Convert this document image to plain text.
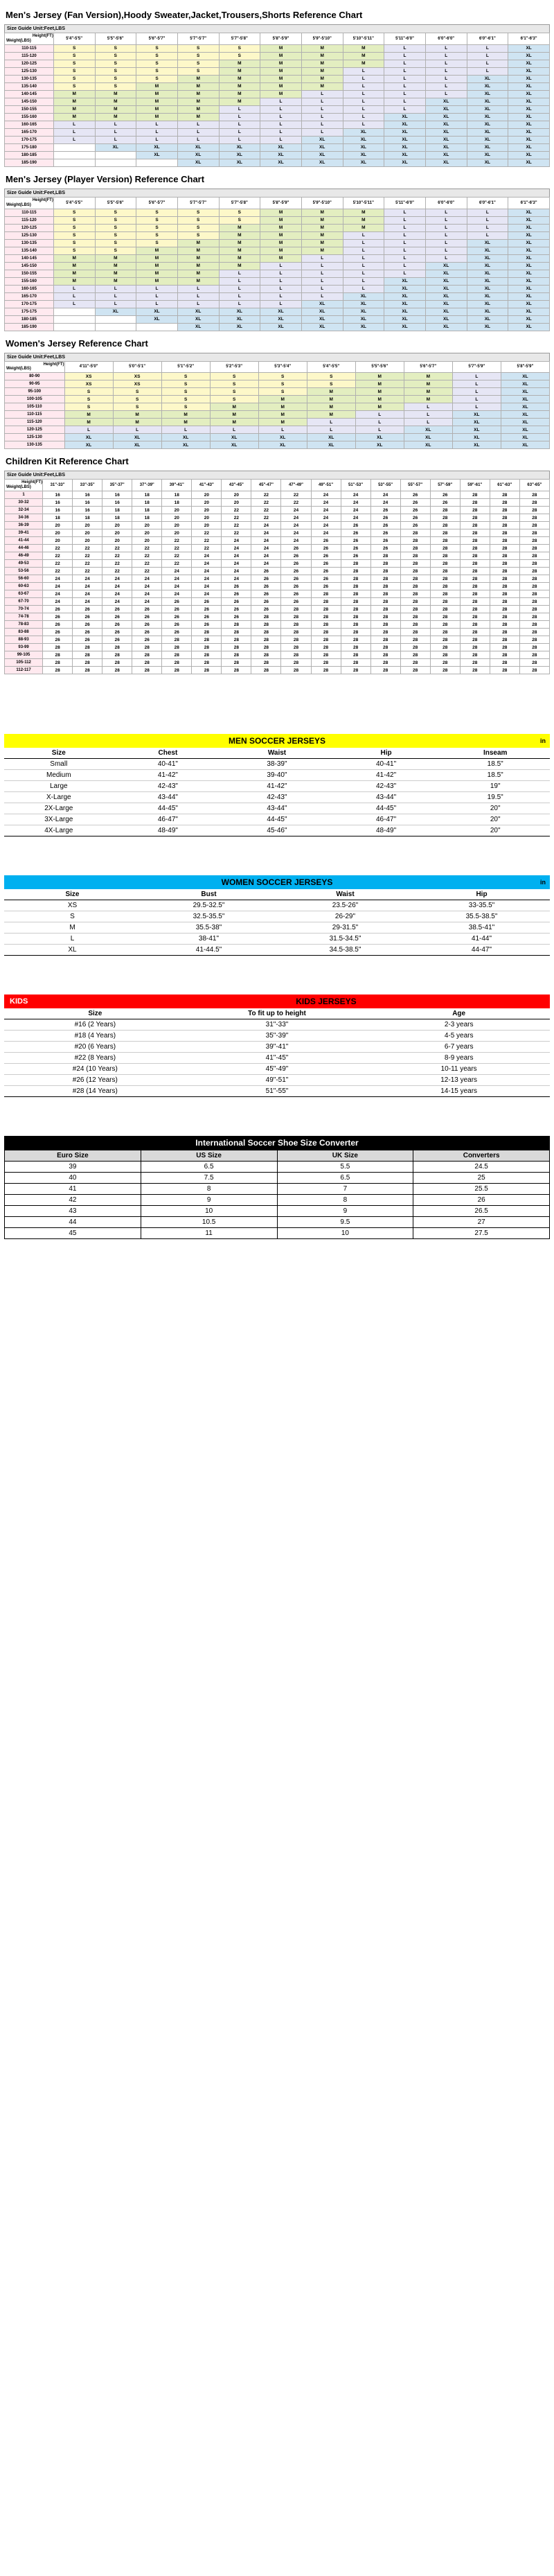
Men's Jersey (Fan Version),Hoody Sweater,Jacket,Trousers,Shorts Reference Chart
Size Guide Unit:Feet,LBS
Height(FT)
Weight(LBS)	5'4"-5'5"	5'5"-5'6"	5'6"-5'7"	5'7"-5'7"	5'7"-5'8"	5'8"-5'9"	5'9"-5'10"	5'10"-5'11"	5'11"-6'0"	6'0"-6'0"	6'0"-6'1"	6'1"-6'3"
110-115	S	S	S	S	S	M	M	M	L	L	L	XL
115-120	S	S	S	S	S	M	M	M	L	L	L	XL
120-125	S	S	S	S	M	M	M	M	L	L	L	XL
125-130	S	S	S	S	M	M	M	L	L	L	L	XL
130-135	S	S	S	M	M	M	M	L	L	L	XL	XL
135-140	S	S	M	M	M	M	M	L	L	L	XL	XL
140-145	M	M	M	M	M	M	L	L	L	L	XL	XL
145-150	M	M	M	M	M	L	L	L	L	XL	XL	XL
150-155	M	M	M	M	L	L	L	L	L	XL	XL	XL
155-160	M	M	M	M	L	L	L	L	XL	XL	XL	XL
160-165	L	L	L	L	L	L	L	L	XL	XL	XL	XL
165-170	L	L	L	L	L	L	L	XL	XL	XL	XL	XL
170-175	L	L	L	L	L	L	XL	XL	XL	XL	XL	XL
175-180		XL	XL	XL	XL	XL	XL	XL	XL	XL	XL	XL
180-185			XL	XL	XL	XL	XL	XL	XL	XL	XL	XL
185-190				XL	XL	XL	XL	XL	XL	XL	XL	XL
Men's Jersey (Player Version) Reference Chart
Size Guide Unit:Feet,LBS
Height(FT)
Weight(LBS)	5'4"-5'5"	5'5"-5'6"	5'6"-5'7"	5'7"-5'7"	5'7"-5'8"	5'8"-5'9"	5'9"-5'10"	5'10"-5'11"	5'11"-6'0"	6'0"-6'0"	6'0"-6'1"	6'1"-6'3"
110-115	S	S	S	S	S	M	M	M	L	L	L	XL
115-120	S	S	S	S	S	M	M	M	L	L	L	XL
120-125	S	S	S	S	M	M	M	M	L	L	L	XL
125-130	S	S	S	S	M	M	M	L	L	L	L	XL
130-135	S	S	S	M	M	M	M	L	L	L	XL	XL
135-140	S	S	M	M	M	M	M	L	L	L	XL	XL
140-145	M	M	M	M	M	M	L	L	L	L	XL	XL
145-150	M	M	M	M	M	L	L	L	L	XL	XL	XL
150-155	M	M	M	M	L	L	L	L	L	XL	XL	XL
155-160	M	M	M	M	L	L	L	L	XL	XL	XL	XL
160-165	L	L	L	L	L	L	L	L	XL	XL	XL	XL
165-170	L	L	L	L	L	L	L	XL	XL	XL	XL	XL
170-175	L	L	L	L	L	L	XL	XL	XL	XL	XL	XL
175-175		XL	XL	XL	XL	XL	XL	XL	XL	XL	XL	XL
180-185			XL	XL	XL	XL	XL	XL	XL	XL	XL	XL
185-190				XL	XL	XL	XL	XL	XL	XL	XL	XL
Women's Jersey Reference Chart
Size Guide Unit:Feet,LBS
Height(FT)
Weight(LBS)	4'11"-5'0"	5'0"-5'1"	5'1"-5'2"	5'2"-5'3"	5'3"-5'4"	5'4"-5'5"	5'5"-5'6"	5'6"-5'7"	5'7"-5'9"	5'8"-5'9"
80-90	XS	XS	S	S	S	S	M	M	L	XL
90-95	XS	XS	S	S	S	S	M	M	L	XL
95-100	S	S	S	S	S	M	M	M	L	XL
100-105	S	S	S	S	M	M	M	M	L	XL
105-110	S	S	S	M	M	M	M	L	L	XL
110-115	M	M	M	M	M	M	L	L	XL	XL
115-120	M	M	M	M	M	L	L	L	XL	XL
120-125	L	L	L	L	L	L	L	XL	XL	XL
125-130	XL	XL	XL	XL	XL	XL	XL	XL	XL	XL
130-135	XL	XL	XL	XL	XL	XL	XL	XL	XL	XL
Children Kit Reference Chart
Size Guide Unit:Feet,LBS
Height(FT)
Weight(LBS)	31"-33"	33"-35"	35"-37"	37"-39"	39"-41"	41"-43"	43"-45"	45"-47"	47"-49"	49"-51"	51"-53"	53"-55"	55"-57"	57"-59"	59"-61"	61"-63"	63"-65"
1	16	16	16	18	18	20	20	22	22	24	24	24	26	26	28	28	28
30-32	16	16	16	18	18	20	20	22	22	24	24	24	26	26	28	28	28
32-34	16	16	18	18	20	20	22	22	24	24	24	26	26	28	28	28	28
34-36	18	18	18	18	20	20	22	22	24	24	24	26	26	28	28	28	28
36-39	20	20	20	20	20	20	22	24	24	24	26	26	26	28	28	28	28
39-41	20	20	20	20	20	22	22	24	24	24	26	26	28	28	28	28	28
41-44	20	20	20	20	22	22	24	24	24	26	26	26	28	28	28	28	28
44-46	22	22	22	22	22	22	24	24	26	26	26	26	28	28	28	28	28
46-49	22	22	22	22	22	24	24	24	26	26	26	28	28	28	28	28	28
49-53	22	22	22	22	22	24	24	24	26	26	28	28	28	28	28	28	28
53-56	22	22	22	22	24	24	24	26	26	26	28	28	28	28	28	28	28
56-60	24	24	24	24	24	24	24	26	26	26	28	28	28	28	28	28	28
60-63	24	24	24	24	24	24	26	26	26	26	28	28	28	28	28	28	28
63-67	24	24	24	24	24	24	26	26	26	28	28	28	28	28	28	28	28
67-70	24	24	24	24	26	26	26	26	26	28	28	28	28	28	28	28	28
70-74	26	26	26	26	26	26	26	26	28	28	28	28	28	28	28	28	28
74-78	26	26	26	26	26	26	26	28	28	28	28	28	28	28	28	28	28
78-83	26	26	26	26	26	26	28	28	28	28	28	28	28	28	28	28	28
83-88	26	26	26	26	26	28	28	28	28	28	28	28	28	28	28	28	28
88-93	26	26	26	26	28	28	28	28	28	28	28	28	28	28	28	28	28
93-99	28	28	28	28	28	28	28	28	28	28	28	28	28	28	28	28	28
99-105	28	28	28	28	28	28	28	28	28	28	28	28	28	28	28	28	28
105-112	28	28	28	28	28	28	28	28	28	28	28	28	28	28	28	28	28
112-117	28	28	28	28	28	28	28	28	28	28	28	28	28	28	28	28	28
MEN SOCCER JERSEYS	in
Size	Chest	Waist	Hip	Inseam
Small	40-41"	38-39"	40-41"	18.5"
Medium	41-42"	39-40"	41-42"	18.5"
Large	42-43"	41-42"	42-43"	19"
X-Large	43-44"	42-43"	43-44"	19.5"
2X-Large	44-45"	43-44"	44-45"	20"
3X-Large	46-47"	44-45"	46-47"	20"
4X-Large	48-49"	45-46"	48-49"	20"
WOMEN SOCCER JERSEYS	in
Size	Bust	Waist	Hip
XS	29.5-32.5"	23.5-26"	33-35.5"
S	32.5-35.5"	26-29"	35.5-38.5"
M	35.5-38"	29-31.5"	38.5-41"
L	38-41"	31.5-34.5"	41-44"
XL	41-44.5"	34.5-38.5"	44-47"
KIDS	KIDS JERSEYS
Size	To fit up to height	Age
#16 (2 Years)	31"-33"	2-3 years
#18 (4 Years)	35"-39"	4-5 years
#20 (6 Years)	39"-41"	6-7 years
#22 (8 Years)	41"-45"	8-9 years
#24 (10 Years)	45"-49"	10-11 years
#26 (12 Years)	49"-51"	12-13 years
#28 (14 Years)	51"-55"	14-15 years
International Soccer Shoe Size Converter
Euro Size	US Size	UK Size	Converters
39	6.5	5.5	24.5
40	7.5	6.5	25
41	8	7	25.5
42	9	8	26
43	10	9	26.5
44	10.5	9.5	27
45	11	10	27.5
